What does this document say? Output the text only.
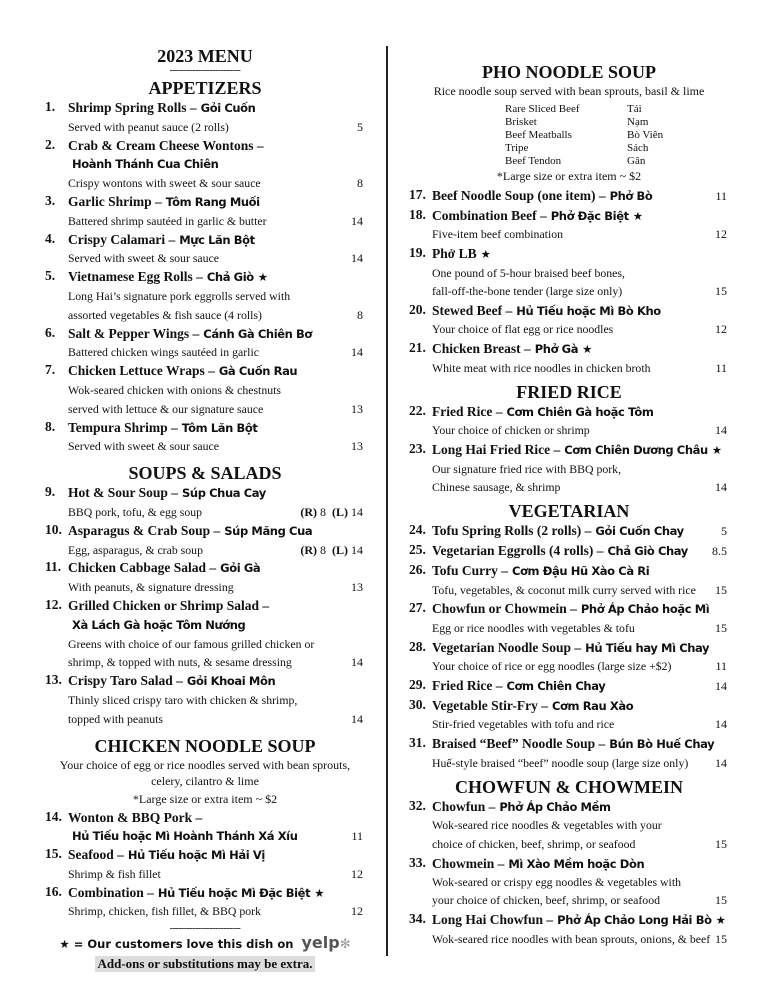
2023 MENU
-------------------------
APPETIZERS
1. Shrimp Spring Rolls – Gỏi Cuốn
Served with peanut sauce (2 rolls)	5
2. Crab & Cream Cheese Wontons –
Hoành Thánh Cua Chiên
Crispy wontons with sweet & sour sauce	8
3. Garlic Shrimp – Tôm Rang Muối
Battered shrimp sautéed in garlic & butter	14
4. Crispy Calamari – Mực Lăn Bột
Served with sweet & sour sauce	14
5. Vietnamese Egg Rolls – Chả Giò ★
Long Hai’s signature pork eggrolls served with
assorted vegetables & fish sauce (4 rolls)	8
6. Salt & Pepper Wings – Cánh Gà Chiên Bơ
Battered chicken wings sautéed in garlic	14
7. Chicken Lettuce Wraps – Gà Cuốn Rau
Wok-seared chicken with onions & chestnuts
served with lettuce & our signature sauce	13
8. Tempura Shrimp – Tôm Lăn Bột
Served with sweet & sour sauce	13
SOUPS & SALADS
9. Hot & Sour Soup – Súp Chua Cay
BBQ pork, tofu, & egg soup	(R) 8 (L) 14
10. Asparagus & Crab Soup – Súp Măng Cua
Egg, asparagus, & crab soup	(R) 8 (L) 14
11. Chicken Cabbage Salad – Gỏi Gà
With peanuts, & signature dressing	13
12. Grilled Chicken or Shrimp Salad –
Xà Lách Gà hoặc Tôm Nướng
Greens with choice of our famous grilled chicken or
shrimp, & topped with nuts, & sesame dressing	14
13. Crispy Taro Salad – Gỏi Khoai Môn
Thinly sliced crispy taro with chicken & shrimp,
topped with peanuts	14
CHICKEN NOODLE SOUP
Your choice of egg or rice noodles served with bean sprouts,
celery, cilantro & lime
*Large size or extra item ~ $2
14. Wonton & BBQ Pork –
Hủ Tiếu hoặc Mì Hoành Thánh Xá Xíu	11
15. Seafood – Hủ Tiếu hoặc Mì Hải Vị
Shrimp & fish fillet	12
16. Combination – Hủ Tiếu hoặc Mì Đặc Biệt ★
Shrimp, chicken, fish fillet, & BBQ pork	12
-------------------------
★ = Our customers love this dish on yelp✻
Add-ons or substitutions may be extra.
PHO NOODLE SOUP
Rice noodle soup served with bean sprouts, basil & lime
Rare Sliced Beef	Tái
Brisket	Nạm
Beef Meatballs	Bò Viên
Tripe	Sách
Beef Tendon	Gân
*Large size or extra item ~ $2
17. Beef Noodle Soup (one item) – Phở Bò	11
18. Combination Beef – Phở Đặc Biệt ★
Five-item beef combination	12
19. Phở LB ★
One pound of 5-hour braised beef bones,
fall-off-the-bone tender (large size only)	15
20. Stewed Beef – Hủ Tiếu hoặc Mì Bò Kho
Your choice of flat egg or rice noodles	12
21. Chicken Breast – Phở Gà ★
White meat with rice noodles in chicken broth	11
FRIED RICE
22. Fried Rice – Cơm Chiên Gà hoặc Tôm
Your choice of chicken or shrimp	14
23. Long Hai Fried Rice – Cơm Chiên Dương Châu ★
Our signature fried rice with BBQ pork,
Chinese sausage, & shrimp	14
VEGETARIAN
24. Tofu Spring Rolls (2 rolls) – Gỏi Cuốn Chay	5
25. Vegetarian Eggrolls (4 rolls) – Chả Giò Chay 8.5
26. Tofu Curry – Cơm Đậu Hũ Xào Cà Ri
Tofu, vegetables, & coconut milk curry served with rice 15
27. Chowfun or Chowmein – Phở Áp Chảo hoặc Mì
Egg or rice noodles with vegetables & tofu	15
28. Vegetarian Noodle Soup – Hủ Tiếu hay Mì Chay
Your choice of rice or egg noodles (large size +$2)	11
29. Fried Rice – Cơm Chiên Chay	14
30. Vegetable Stir-Fry – Cơm Rau Xào
Stir-fried vegetables with tofu and rice	14
31. Braised “Beef” Noodle Soup – Bún Bò Huế Chay
Huế-style braised “beef” noodle soup (large size only) 14
CHOWFUN & CHOWMEIN
32. Chowfun – Phở Áp Chảo Mềm
Wok-seared rice noodles & vegetables with your
choice of chicken, beef, shrimp, or seafood	15
33. Chowmein – Mì Xào Mềm hoặc Dòn
Wok-seared or crispy egg noodles & vegetables with
your choice of chicken, beef, shrimp, or seafood	15
34. Long Hai Chowfun – Phở Áp Chảo Long Hải Bò ★
Wok-seared rice noodles with bean sprouts, onions, & beef 15
